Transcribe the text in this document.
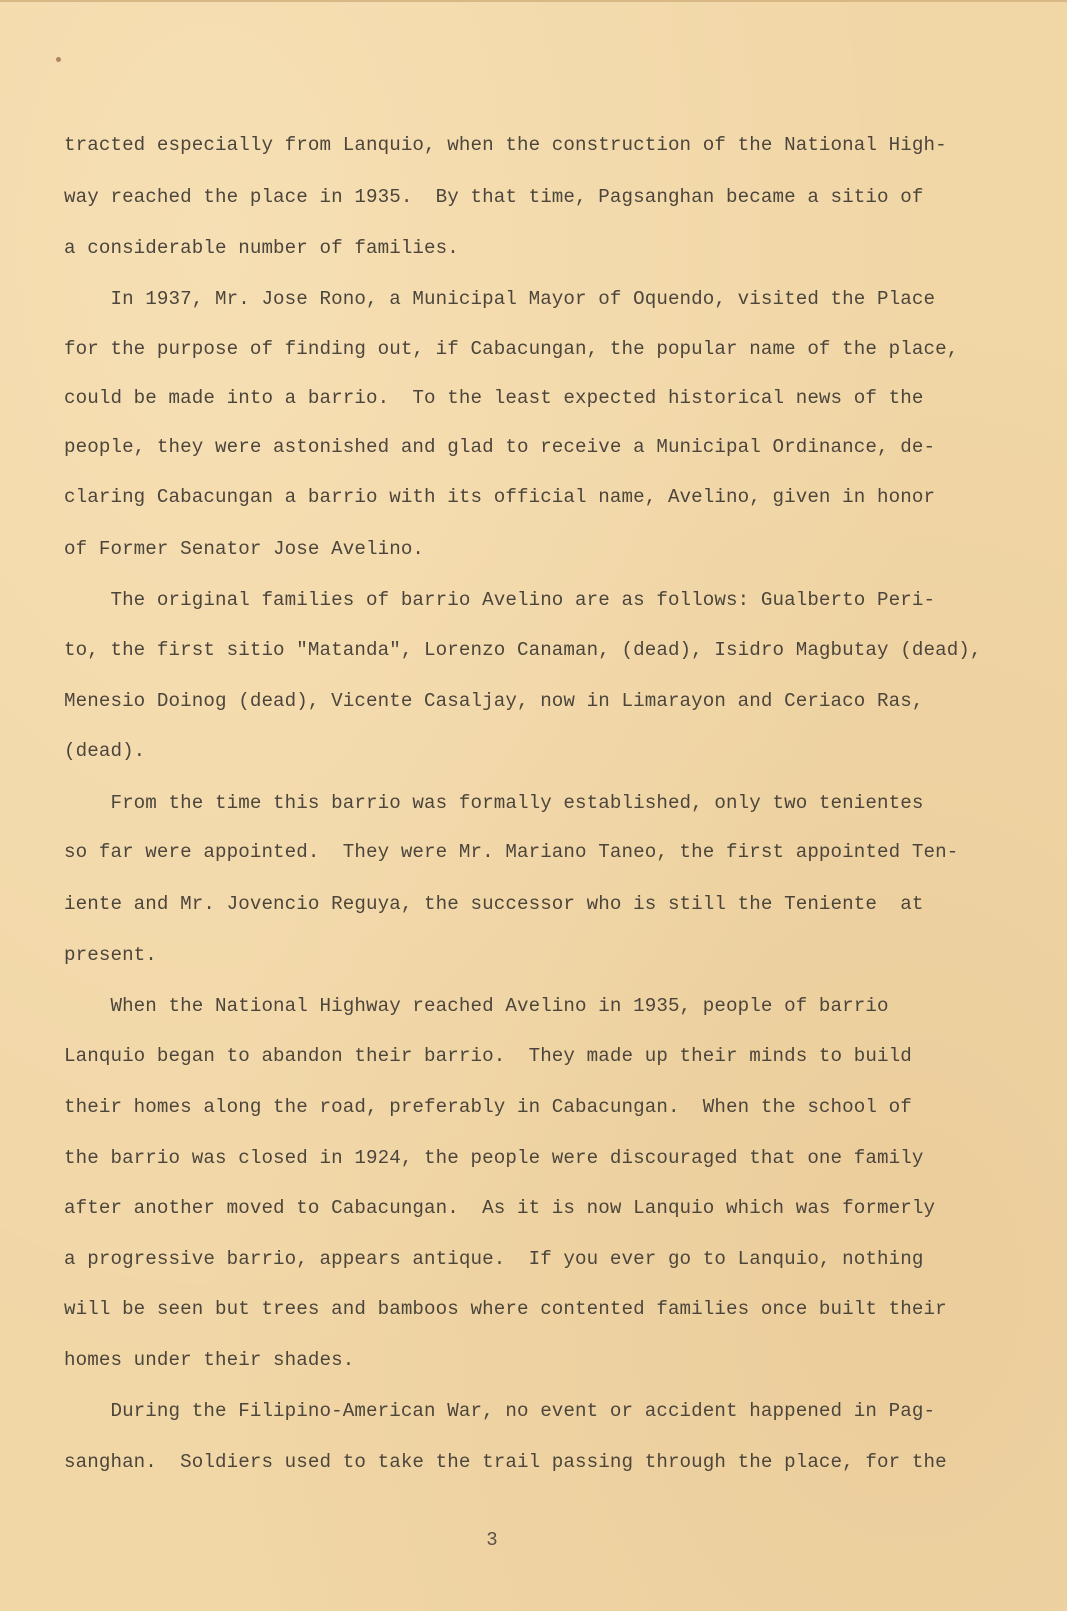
tracted especially from Lanquio, when the construction of the National High-
way reached the place in 1935.  By that time, Pagsanghan became a sitio of
a considerable number of families.
In 1937, Mr. Jose Rono, a Municipal Mayor of Oquendo, visited the Place
for the purpose of finding out, if Cabacungan, the popular name of the place,
could be made into a barrio.  To the least expected historical news of the
people, they were astonished and glad to receive a Municipal Ordinance, de-
claring Cabacungan a barrio with its official name, Avelino, given in honor
of Former Senator Jose Avelino.
The original families of barrio Avelino are as follows: Gualberto Peri-
to, the first sitio "Matanda", Lorenzo Canaman, (dead), Isidro Magbutay (dead),
Menesio Doinog (dead), Vicente Casaljay, now in Limarayon and Ceriaco Ras,
(dead).
From the time this barrio was formally established, only two tenientes
so far were appointed.  They were Mr. Mariano Taneo, the first appointed Ten-
iente and Mr. Jovencio Reguya, the successor who is still the Teniente  at
present.
When the National Highway reached Avelino in 1935, people of barrio
Lanquio began to abandon their barrio.  They made up their minds to build
their homes along the road, preferably in Cabacungan.  When the school of
the barrio was closed in 1924, the people were discouraged that one family
after another moved to Cabacungan.  As it is now Lanquio which was formerly
a progressive barrio, appears antique.  If you ever go to Lanquio, nothing
will be seen but trees and bamboos where contented families once built their
homes under their shades.
During the Filipino-American War, no event or accident happened in Pag-
sanghan.  Soldiers used to take the trail passing through the place, for the
3
